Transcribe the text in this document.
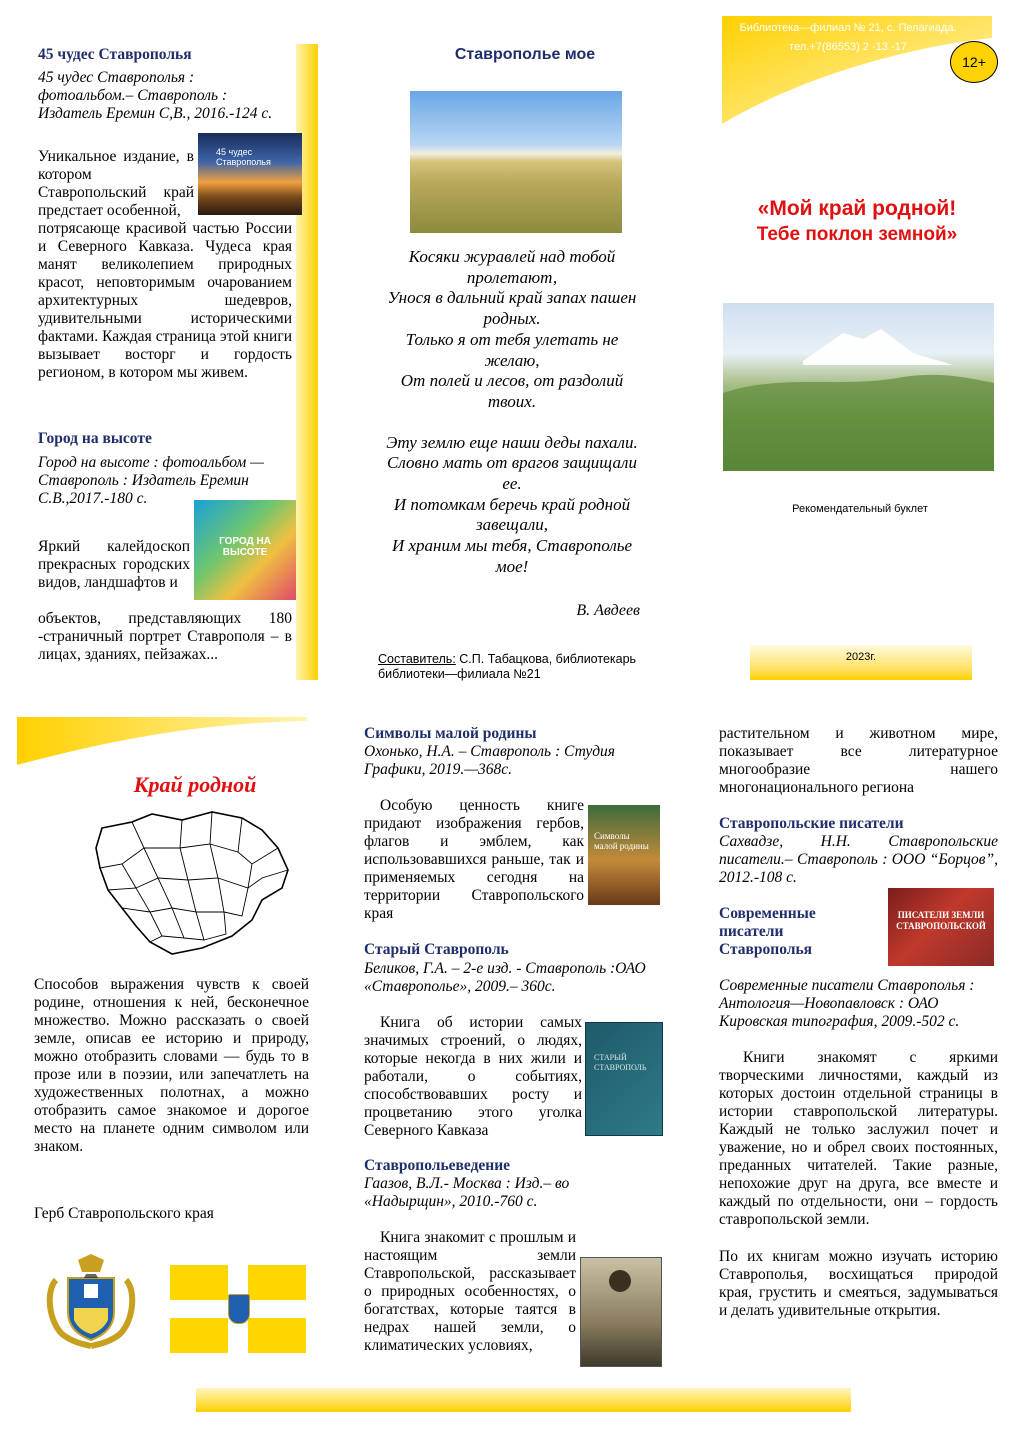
45 чудес Ставрополья
45 чудес Ставрополья : фотоальбом.– Ставрополь : Издатель Еремин С,В., 2016.-124 с.
45 чудес Ставрополья
Уникальное издание, в котором Ставропольский край предстает особенной,
потрясающе красивой частью России и Северного Кавказа. Чудеса края манят великолепием природных красот, неповторимым очарованием архитектурных шедевров, удивительными историческими фактами. Каждая страница этой книги вызывает восторг и гордость регионом, в котором мы живем.
Город на высоте
Город на высоте : фотоальбом — Ставрополь : Издатель Еремин С.В.,2017.-180 с.
ГОРОД НА ВЫСОТЕ
Яркий калейдоскоп прекрасных городских видов, ландшафтов и
объектов, представляющих 180 -страничный портрет Ставрополя – в лицах, зданиях, пейзажах...
Ставрополье мое
Косяки журавлей над тобой пролетают,
Унося в дальний край запах пашен родных.
Только я от тебя улетать не желаю,
От полей и лесов, от раздолий твоих.
Эту землю еще наши деды пахали.
Словно мать от врагов защищали ее.
И потомкам беречь край родной завещали,
И храним мы тебя, Ставрополье мое!
В. Авдеев
Составитель: С.П. Табацкова, библиотекарь библиотеки—филиала №21
Библиотека—филиал № 21, с. Пелагиада.
тел.+7(86553) 2 -13 -17
12+
«Мой край родной!
Тебе поклон земной»
Рекомендательный буклет
2023г.
Край родной
Способов выражения чувств к своей родине, отношения к ней, бесконечное множество. Можно рассказать о своей земле, описав ее историю и природу, можно отобразить словами — будь то в прозе или в поэзии, или запечатлеть на художественных полотнах, а можно отобразить самое знакомое и дорогое место на планете одним символом или знаком.
Герб Ставропольского края
Символы малой родины
Охонько, Н.А. – Ставрополь : Студия Графики, 2019.—368с.
Особую ценность книге придают изображения гербов, флагов и эмблем, как использовавшихся раньше, так и применяемых сегодня на территории Ставропольского края
Символы малой родины
Старый Ставрополь
Беликов, Г.А. – 2-е изд. - Ставрополь :ОАО «Ставрополье», 2009.– 360с.
Книга об истории самых значимых строений, о людях, которые некогда в них жили и работали, о событиях, способствовавших росту и процветанию этого уголка Северного Кавказа
СТАРЫЙ СТАВРОПОЛЬ
Ставропольеведение
Гаазов, В.Л.- Москва : Изд.– во «Надырщин», 2010.-760 с.
Книга знакомит с прошлым и настоящим земли Ставропольской, рассказывает о природных особенностях, о богатствах, которые таятся в недрах нашей земли, о климатических условиях,
растительном и животном мире, показывает все литературное многообразие нашего многонационального региона
Ставропольские писатели
Сахвадзе, Н.Н. Ставропольские писатели.– Ставрополь : ООО “Борцов”, 2012.-108 с.
Современные писатели Ставрополья
ПИСАТЕЛИ ЗЕМЛИ СТАВРОПОЛЬСКОЙ
Современные писатели Ставрополья : Антология—Новопавловск : ОАО Кировская типография, 2009.-502 с.
Книги знакомят с яркими творческими личностями, каждый из которых достоин отдельной страницы в истории ставропольской литературы. Каждый не только заслужил почет и уважение, но и обрел своих постоянных, преданных читателей. Такие разные, непохожие друг на друга, все вместе и каждый по отдельности, они – гордость ставропольской земли.
По их книгам можно изучать историю Ставрополья, восхищаться природой края, грустить и смеяться, задумываться и делать удивительные открытия.
